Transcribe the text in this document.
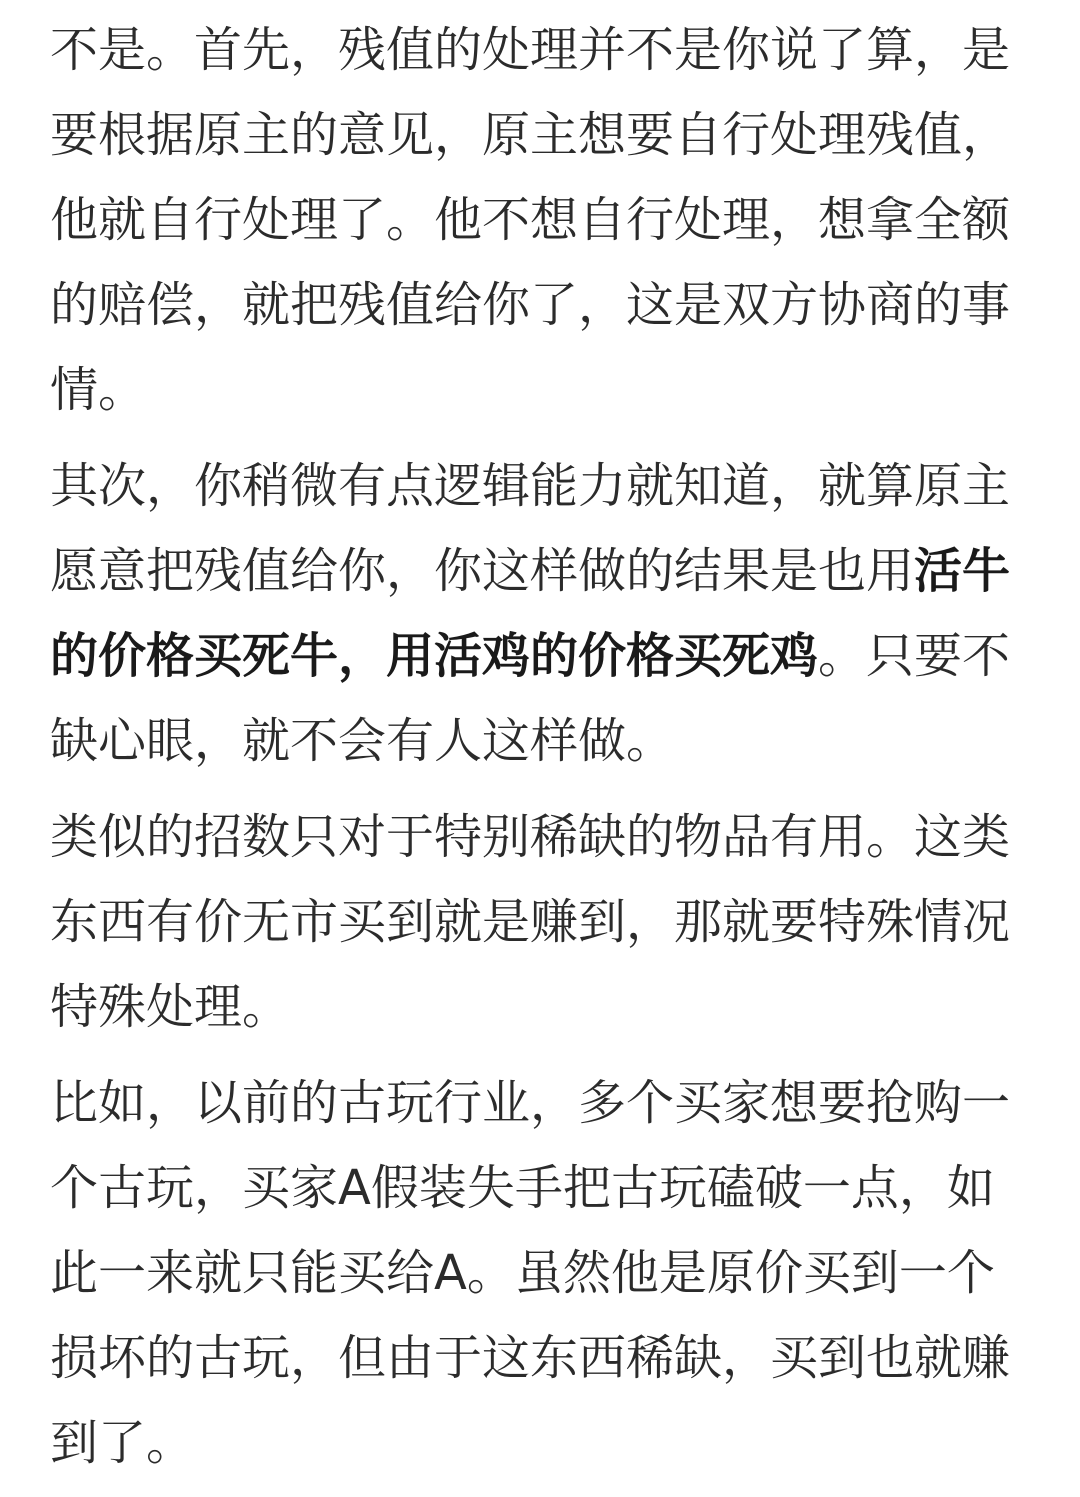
不是。首先，残值的处理并不是你说了算，是要根据原主的意见，原主想要自行处理残值，他就自行处理了。他不想自行处理，想拿全额的赔偿，就把残值给你了，这是双方协商的事情。

其次，你稍微有点逻辑能力就知道，就算原主愿意把残值给你，你这样做的结果是也用活牛的价格买死牛，用活鸡的价格买死鸡。只要不缺心眼，就不会有人这样做。

类似的招数只对于特别稀缺的物品有用。这类东西有价无市买到就是赚到，那就要特殊情况特殊处理。

比如，以前的古玩行业，多个买家想要抢购一个古玩，买家A假装失手把古玩磕破一点，如此一来就只能买给A。虽然他是原价买到一个损坏的古玩，但由于这东西稀缺，买到也就赚到了。
